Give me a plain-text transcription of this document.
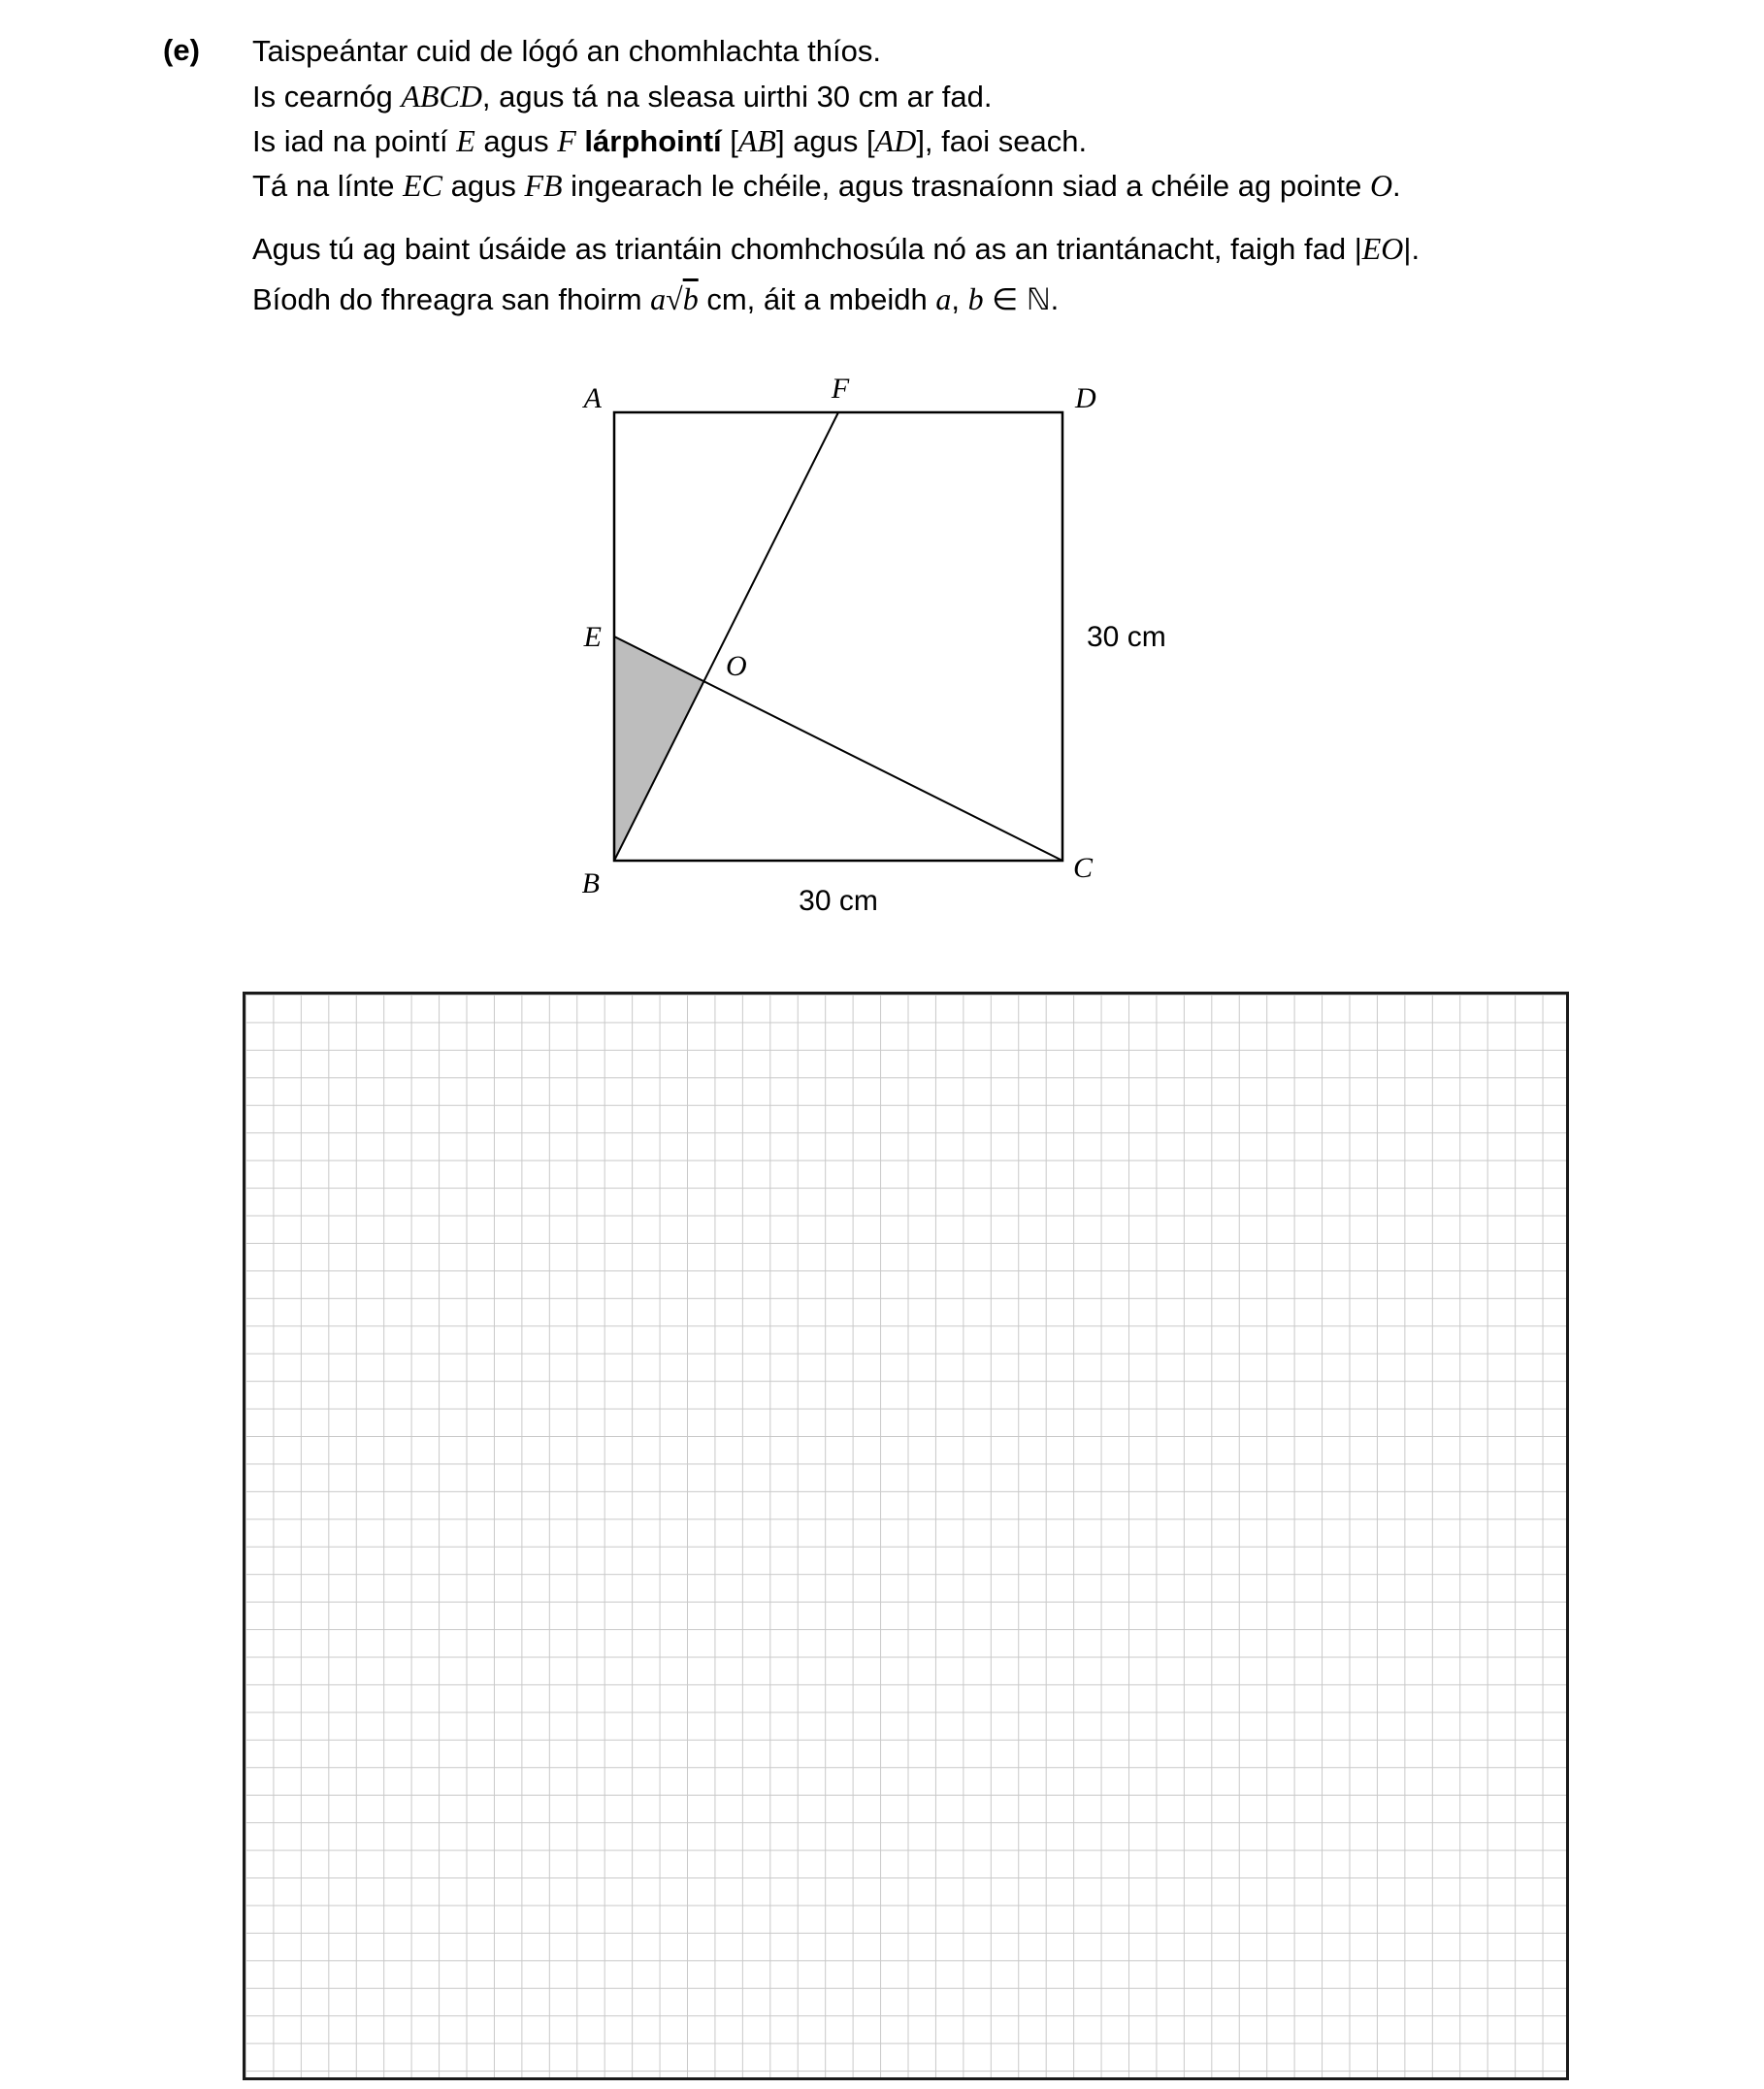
(e) Taispeántar cuid de lógó an chomhlachta thíos.
Is cearnóg ABCD, agus tá na sleasa uirthi 30 cm ar fad.
Is iad na pointí E agus F lárphointí [AB] agus [AD], faoi seach.
Tá na línte EC agus FB ingearach le chéile, agus trasnaíonn siad a chéile ag pointe O.
Agus tú ag baint úsáide as triantáin chomhchosúla nó as an triantánacht, faigh fad |EO|.
Bíodh do fhreagra san fhoirm a√b cm, áit a mbeidh a, b ∈ ℕ.
A	D
B	C
F
E
O
30 cm
30 cm
